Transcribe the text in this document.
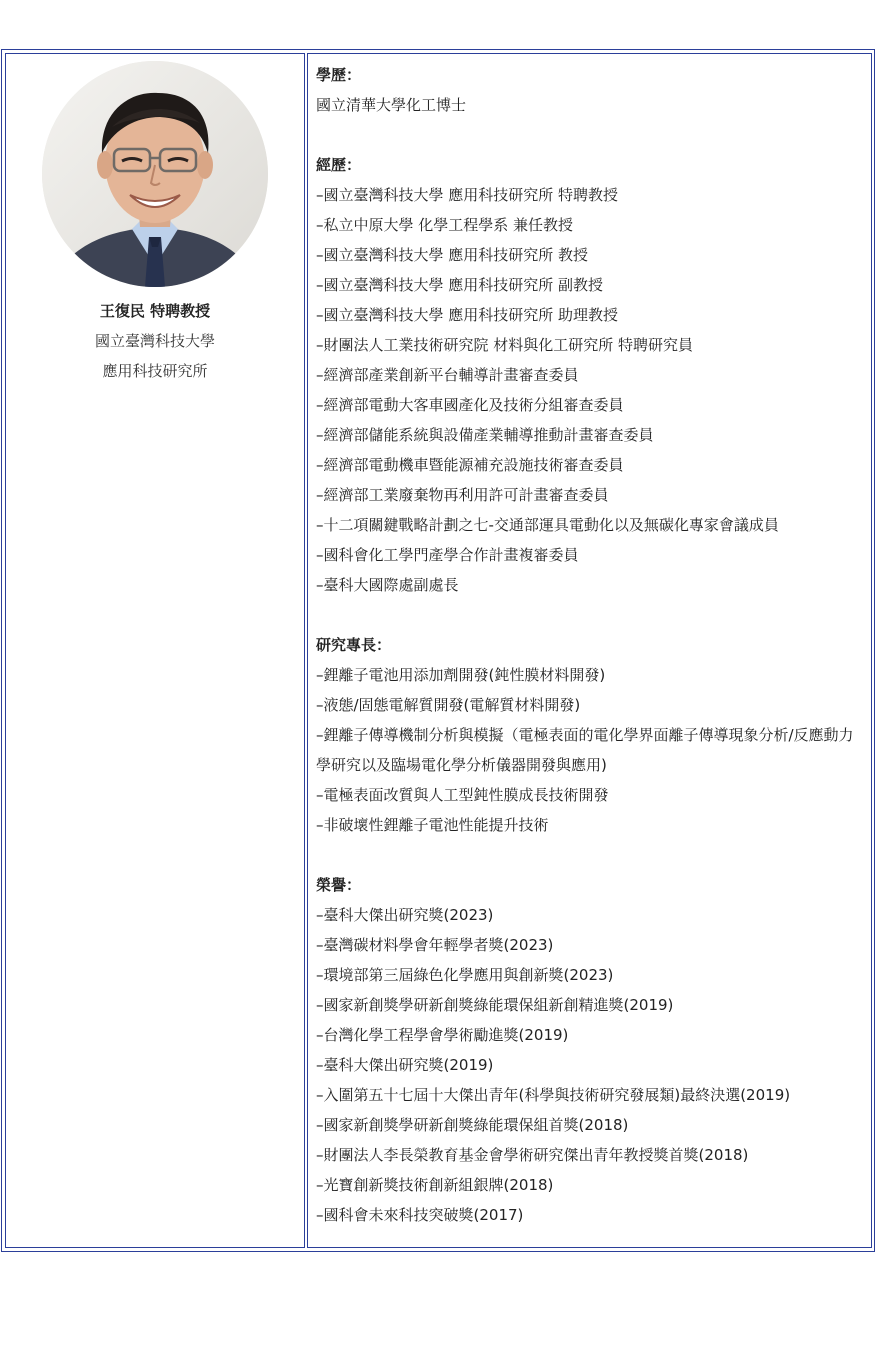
王復民 特聘教授
國立臺灣科技大學
應用科技研究所
學歷：
國立清華大學化工博士
經歷：
–國立臺灣科技大學 應用科技研究所 特聘教授
–私立中原大學 化學工程學系 兼任教授
–國立臺灣科技大學 應用科技研究所 教授
–國立臺灣科技大學 應用科技研究所 副教授
–國立臺灣科技大學 應用科技研究所 助理教授
–財團法人工業技術研究院 材料與化工研究所 特聘研究員
–經濟部產業創新平台輔導計畫審查委員
–經濟部電動大客車國產化及技術分組審查委員
–經濟部儲能系統與設備產業輔導推動計畫審查委員
–經濟部電動機車暨能源補充設施技術審查委員
–經濟部工業廢棄物再利用許可計畫審查委員
–十二項關鍵戰略計劃之七-交通部運具電動化以及無碳化專家會議成員
–國科會化工學門產學合作計畫複審委員
–臺科大國際處副處長
研究專長：
–鋰離子電池用添加劑開發(鈍性膜材料開發)
–液態/固態電解質開發(電解質材料開發)
–鋰離子傳導機制分析與模擬（電極表面的電化學界面離子傳導現象分析/反應動力學研究以及臨場電化學分析儀器開發與應用)
–電極表面改質與人工型鈍性膜成長技術開發
–非破壞性鋰離子電池性能提升技術
榮譽：
–臺科大傑出研究獎(2023)
–臺灣碳材料學會年輕學者獎(2023)
–環境部第三屆綠色化學應用與創新獎(2023)
–國家新創獎學研新創獎綠能環保組新創精進獎(2019)
–台灣化學工程學會學術勵進獎(2019)
–臺科大傑出研究獎(2019)
–入圍第五十七屆十大傑出青年(科學與技術研究發展類)最終決選(2019)
–國家新創獎學研新創獎綠能環保組首獎(2018)
–財團法人李長榮教育基金會學術研究傑出青年教授獎首獎(2018)
–光寶創新獎技術創新組銀牌(2018)
–國科會未來科技突破獎(2017)
